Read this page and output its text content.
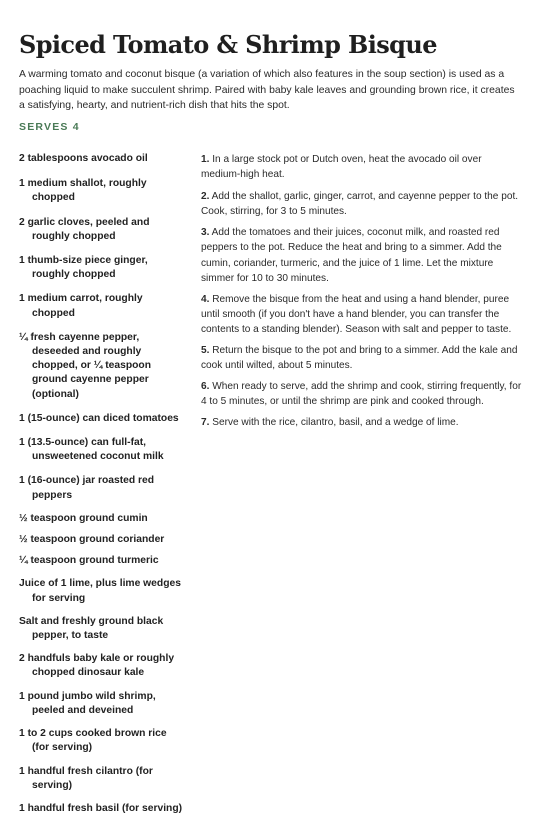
Spiced Tomato & Shrimp Bisque

A warming tomato and coconut bisque (a variation of which also features in the soup section) is used as a poaching liquid to make succulent shrimp. Paired with baby kale leaves and grounding brown rice, it creates a satisfying, hearty, and nutrient-rich dish that hits the spot.

SERVES 4
2 tablespoons avocado oil
1 medium shallot, roughly chopped
2 garlic cloves, peeled and roughly chopped
1 thumb-size piece ginger, roughly chopped
1 medium carrot, roughly chopped
¼ fresh cayenne pepper, deseeded and roughly chopped, or ¼ teaspoon ground cayenne pepper (optional)
1 (15-ounce) can diced tomatoes
1 (13.5-ounce) can full-fat, unsweetened coconut milk
1 (16-ounce) jar roasted red peppers
½ teaspoon ground cumin
½ teaspoon ground coriander
¼ teaspoon ground turmeric
Juice of 1 lime, plus lime wedges for serving
Salt and freshly ground black pepper, to taste
2 handfuls baby kale or roughly chopped dinosaur kale
1 pound jumbo wild shrimp, peeled and deveined
1 to 2 cups cooked brown rice (for serving)
1 handful fresh cilantro (for serving)
1 handful fresh basil (for serving)
1. In a large stock pot or Dutch oven, heat the avocado oil over medium-high heat.
2. Add the shallot, garlic, ginger, carrot, and cayenne pepper to the pot. Cook, stirring, for 3 to 5 minutes.
3. Add the tomatoes and their juices, coconut milk, and roasted red peppers to the pot. Reduce the heat and bring to a simmer. Add the cumin, coriander, turmeric, and the juice of 1 lime. Let the mixture simmer for 10 to 30 minutes.
4. Remove the bisque from the heat and using a hand blender, puree until smooth (if you don't have a hand blender, you can transfer the contents to a standing blender). Season with salt and pepper to taste.
5. Return the bisque to the pot and bring to a simmer. Add the kale and cook until wilted, about 5 minutes.
6. When ready to serve, add the shrimp and cook, stirring frequently, for 4 to 5 minutes, or until the shrimp are pink and cooked through.
7. Serve with the rice, cilantro, basil, and a wedge of lime.
